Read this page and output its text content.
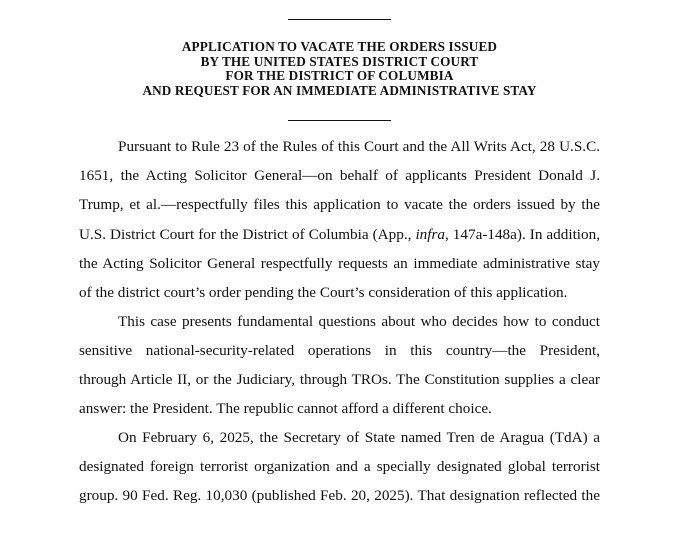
APPLICATION TO VACATE THE ORDERS ISSUED
BY THE UNITED STATES DISTRICT COURT
FOR THE DISTRICT OF COLUMBIA
AND REQUEST FOR AN IMMEDIATE ADMINISTRATIVE STAY
Pursuant to Rule 23 of the Rules of this Court and the All Writs Act, 28 U.S.C.
1651, the Acting Solicitor General—on behalf of applicants President Donald J.
Trump, et al.—respectfully files this application to vacate the orders issued by the
U.S. District Court for the District of Columbia (App., infra, 147a-148a). In addition,
the Acting Solicitor General respectfully requests an immediate administrative stay
of the district court’s order pending the Court’s consideration of this application.
This case presents fundamental questions about who decides how to conduct
sensitive national-security-related operations in this country—the President,
through Article II, or the Judiciary, through TROs. The Constitution supplies a clear
answer: the President. The republic cannot afford a different choice.
On February 6, 2025, the Secretary of State named Tren de Aragua (TdA) a
designated foreign terrorist organization and a specially designated global terrorist
group. 90 Fed. Reg. 10,030 (published Feb. 20, 2025). That designation reflected the
